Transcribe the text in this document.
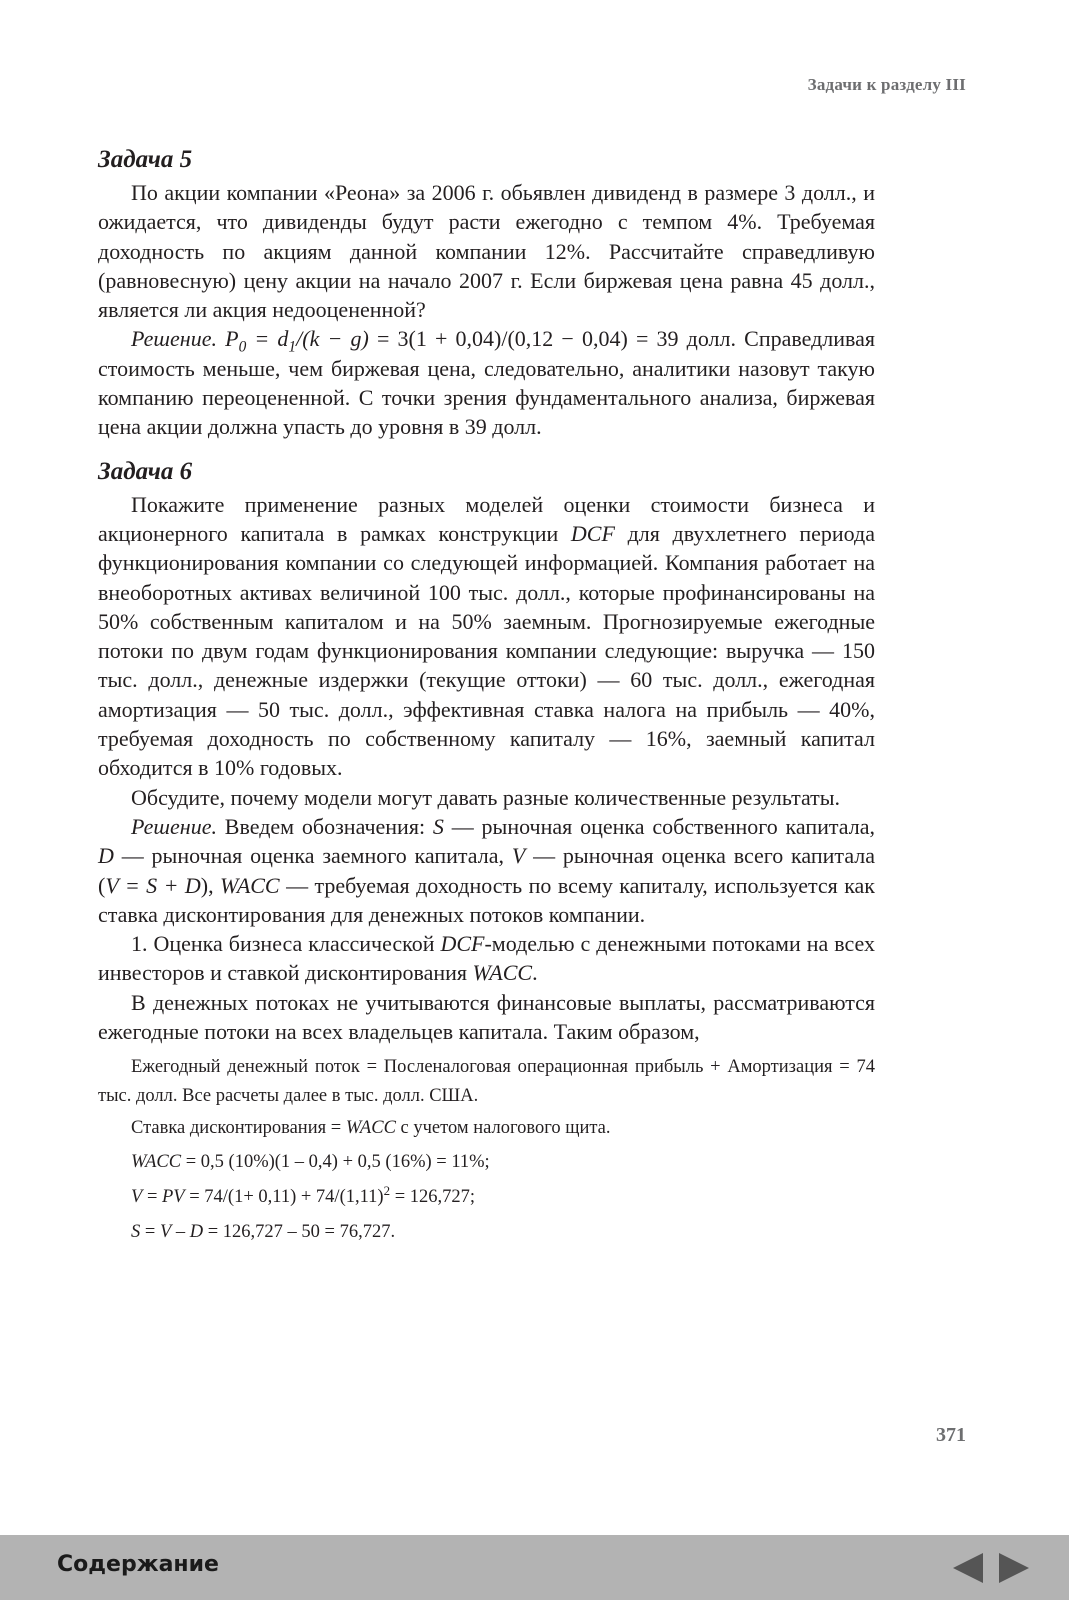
Задачи к разделу III
Задача 5

По акции компании «Реона» за 2006 г. обьявлен дивиденд в размере 3 долл., и ожидается, что дивиденды будут расти ежегодно с темпом 4%. Требуемая доходность по акциям данной компании 12%. Рассчитайте справедливую (равновесную) цену акции на начало 2007 г. Если биржевая цена равна 45 долл., является ли акция недооцененной?

Решение. $P_0 = d_1/(k - g) = 3(1 + 0,04)/(0,12 - 0,04) = 39$ долл. Справедливая стоимость меньше, чем биржевая цена, следовательно, аналитики назовут такую компанию переоцененной. С точки зрения фундаментального анализа, биржевая цена акции должна упасть до уровня в 39 долл.

Задача 6

Покажите применение разных моделей оценки стоимости бизнеса и акционерного капитала в рамках конструкции DCF для двухлетнего периода функционирования компании со следующей информацией. Компания работает на внеоборотных активах величиной 100 тыс. долл., которые профинансированы на 50% собственным капиталом и на 50% заемным. Прогнозируемые ежегодные потоки по двум годам функционирования компании следующие: выручка — 150 тыс. долл., денежные издержки (текущие оттоки) — 60 тыс. долл., ежегодная амортизация — 50 тыс. долл., эффективная ставка налога на прибыль — 40%, требуемая доходность по собственному капиталу — 16%, заемный капитал обходится в 10% годовых.

Обсудите, почему модели могут давать разные количественные результаты.

Решение. Введем обозначения: S — рыночная оценка собственного капитала, D — рыночная оценка заемного капитала, V — рыночная оценка всего капитала (V = S + D), WACC — требуемая доходность по всему капиталу, используется как ставка дисконтирования для денежных потоков компании.

1. Оценка бизнеса классической DCF-моделью с денежными потоками на всех инвесторов и ставкой дисконтирования WACC.

В денежных потоках не учитываются финансовые выплаты, рассматриваются ежегодные потоки на всех владельцев капитала. Таким образом,

Ежегодный денежный поток = Посленалоговая операционная прибыль + Амортизация = 74 тыс. долл. Все расчеты далее в тыс. долл. США.

Ставка дисконтирования = WACC с учетом налогового щита.

WACC = 0,5 (10%)(1 – 0,4) + 0,5 (16%) = 11%;

V = PV = $74/(1+ 0,11) + 74/(1,11)^2 = 126,727$;

S = V – D = 126,727 – 50 = 76,727.

371
Содержание
